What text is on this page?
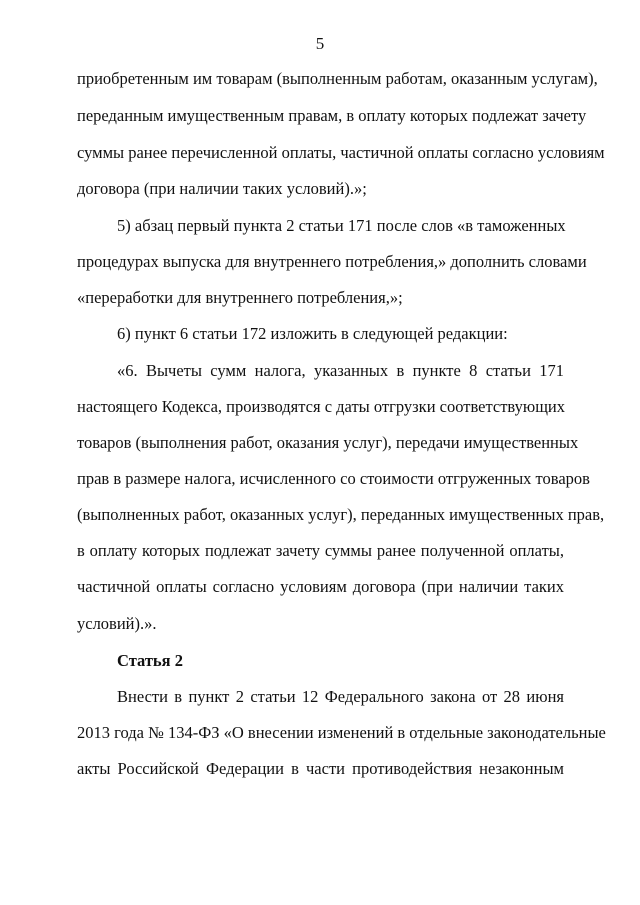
5

приобретенным им товарам (выполненным работам, оказанным услугам),

переданным имущественным правам, в оплату которых подлежат зачету

суммы ранее перечисленной оплаты, частичной оплаты согласно условиям

договора (при наличии таких условий).»;

5) абзац первый пункта 2 статьи 171 после слов «в таможенных

процедурах выпуска для внутреннего потребления,» дополнить словами

«переработки для внутреннего потребления,»;

6) пункт 6 статьи 172 изложить в следующей редакции:

«6. Вычеты сумм налога, указанных в пункте 8 статьи 171

настоящего Кодекса, производятся с даты отгрузки соответствующих

товаров (выполнения работ, оказания услуг), передачи имущественных

прав в размере налога, исчисленного со стоимости отгруженных товаров

(выполненных работ, оказанных услуг), переданных имущественных прав,

в оплату которых подлежат зачету суммы ранее полученной оплаты,

частичной оплаты согласно условиям договора (при наличии таких

условий).».

Статья 2

Внести в пункт 2 статьи 12 Федерального закона от 28 июня

2013 года № 134-ФЗ «О внесении изменений в отдельные законодательные

акты Российской Федерации в части противодействия незаконным
